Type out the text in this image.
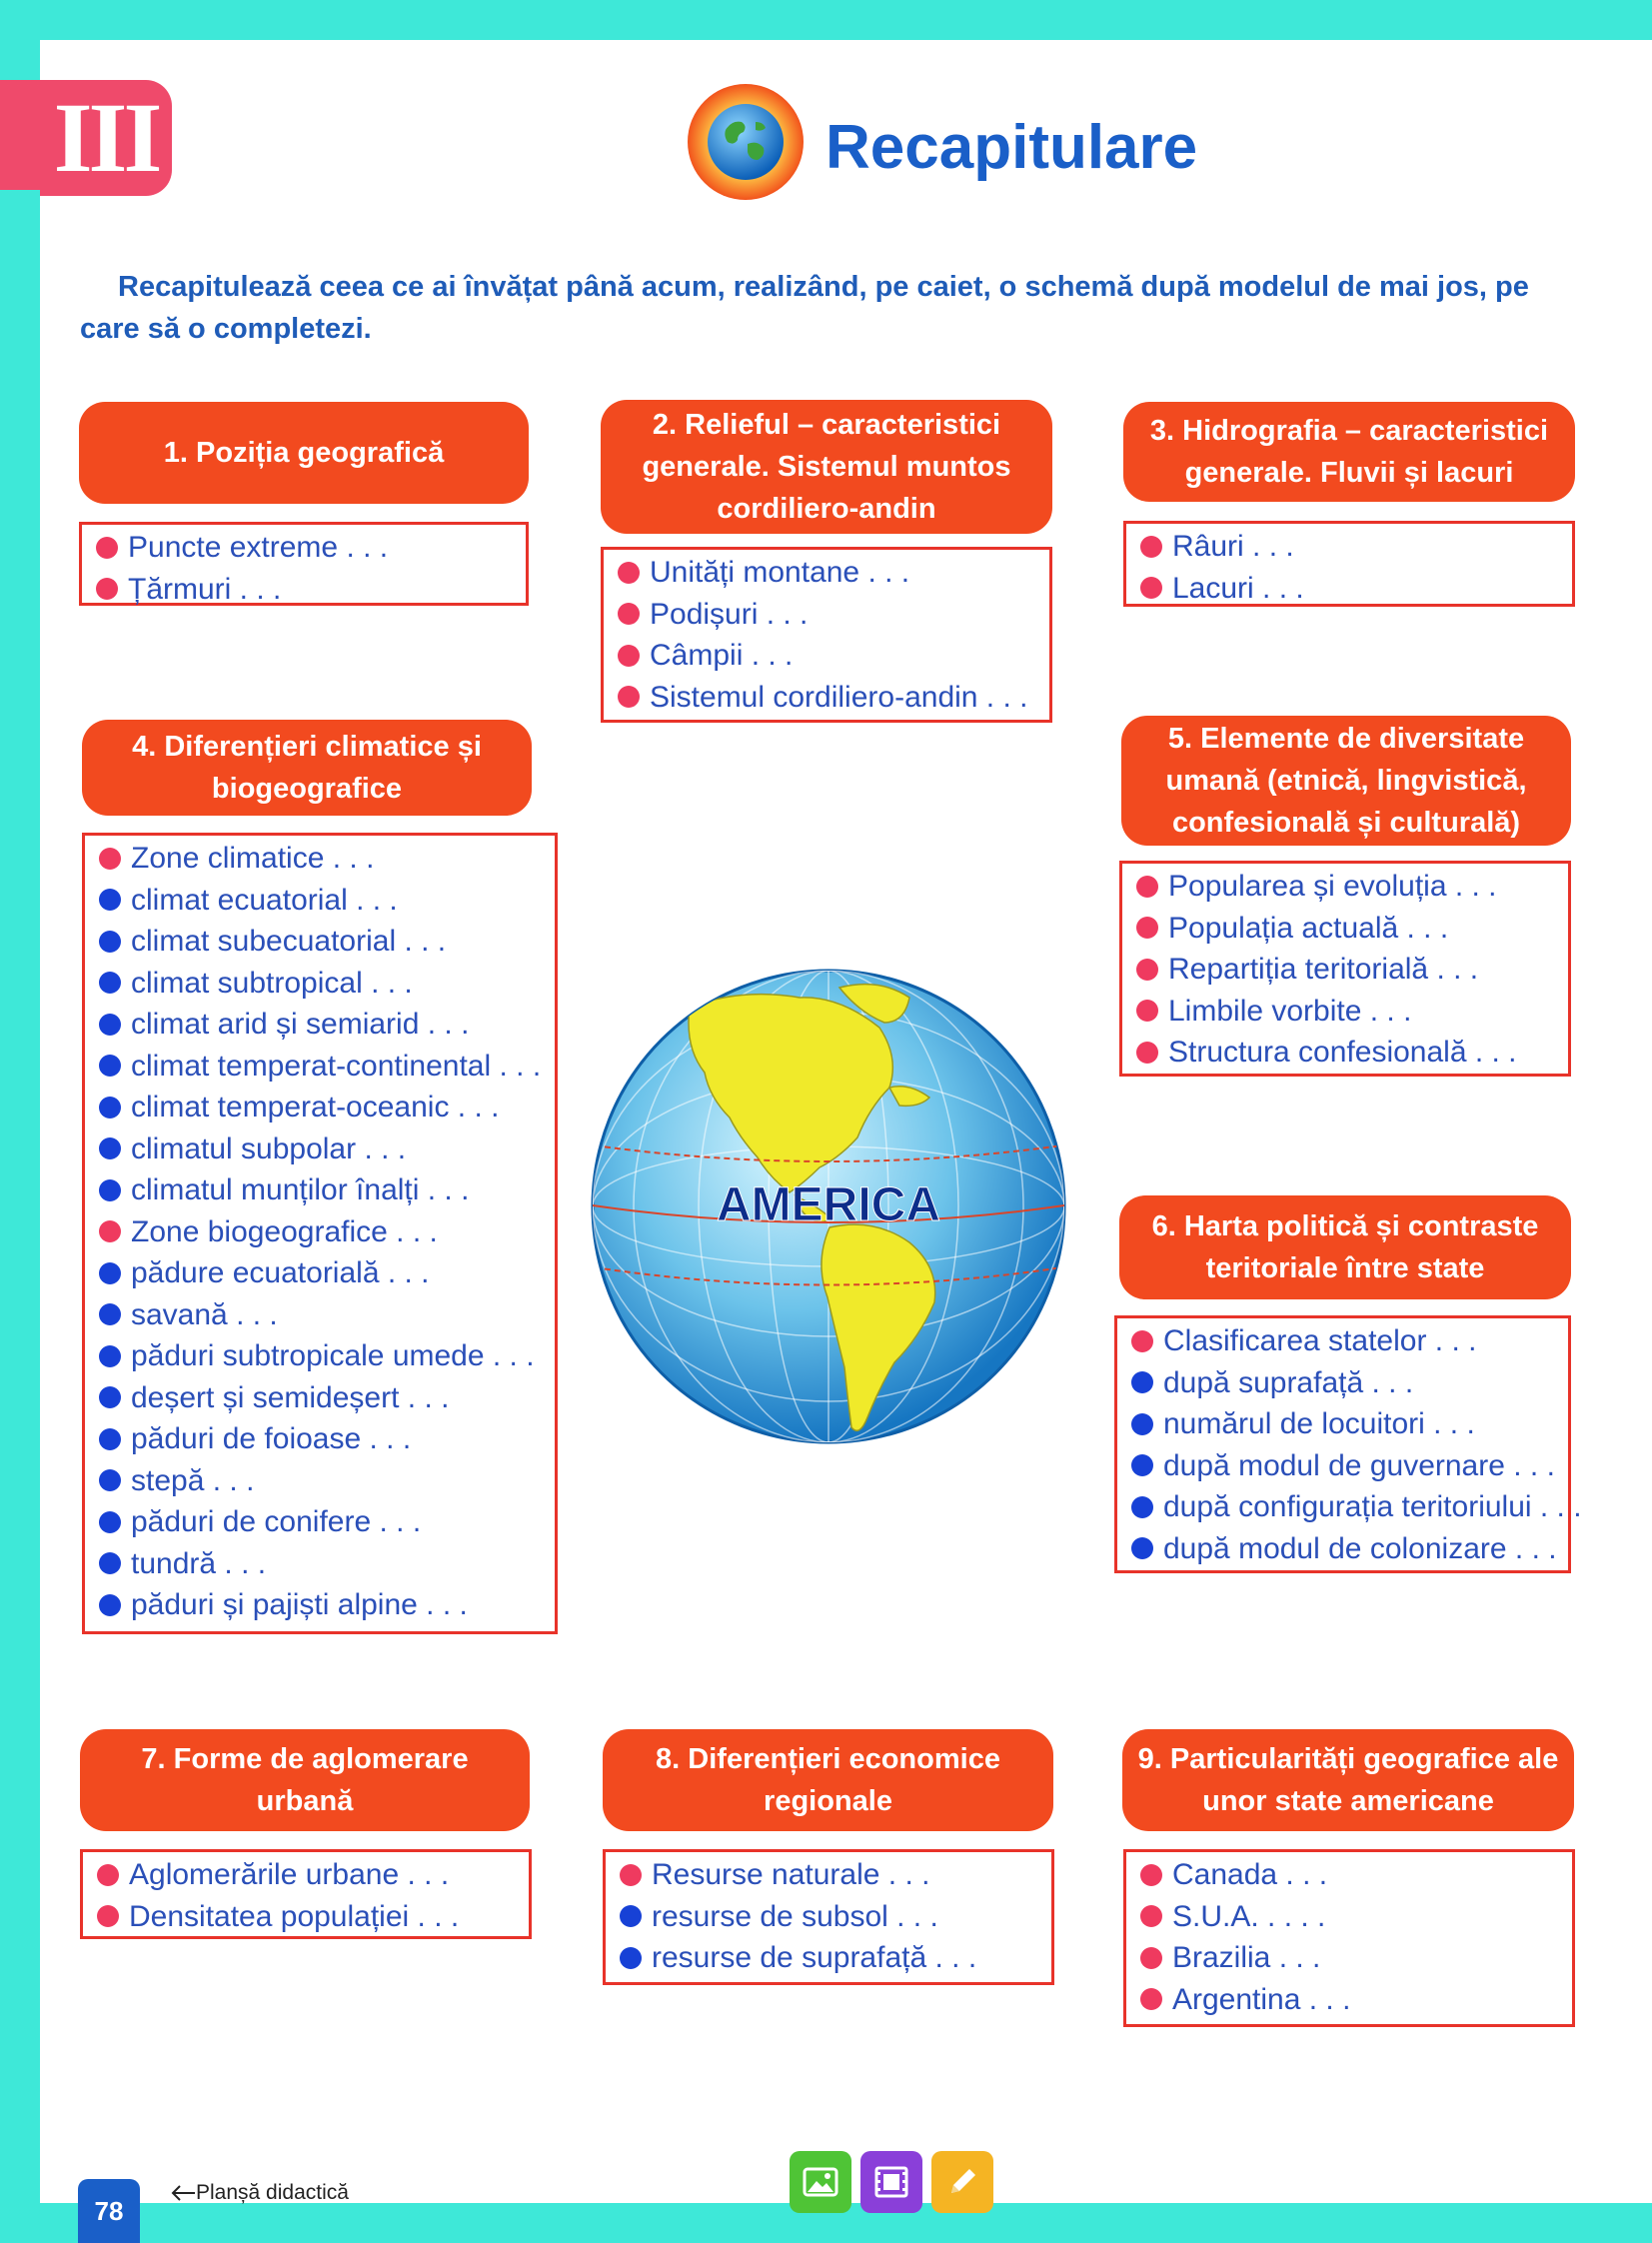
III	Recapitulare

Recapitulează ceea ce ai învățat până acum, realizând, pe caiet, o schemă după modelul de mai jos, pe care să o completezi.

1. Poziția geografică
Puncte extreme . . .
Țărmuri . . .
2. Relieful – caracteristici generale. Sistemul muntos cordiliero-andin
Unități montane . . .
Podișuri . . .
Câmpii . . .
Sistemul cordiliero-andin . . .
3. Hidrografia – caracteristici generale. Fluvii și lacuri
Râuri . . .
Lacuri . . .
4. Diferențieri climatice și biogeografice
Zone climatice . . .
climat ecuatorial . . .
climat subecuatorial . . .
climat subtropical . . .
climat arid și semiarid . . .
climat temperat-continental . . .
climat temperat-oceanic . . .
climatul subpolar . . .
climatul munților înalți . . .
Zone biogeografice . . .
pădure ecuatorială . . .
savană . . .
păduri subtropicale umede . . .
deșert și semideșert . . .
păduri de foioase . . .
stepă . . .
păduri de conifere . . .
tundră . . .
păduri și pajiști alpine . . .
5. Elemente de diversitate umană (etnică, lingvistică, confesională și culturală)
Popularea și evoluția . . .
Populația actuală . . .
Repartiția teritorială . . .
Limbile vorbite . . .
Structura confesională . . .
6. Harta politică și contraste teritoriale între state
Clasificarea statelor . . .
după suprafață . . .
numărul de locuitori . . .
după modul de guvernare . . .
după configurația teritoriului . . .
după modul de colonizare . . .
AMERICA
7. Forme de aglomerare urbană
Aglomerările urbane . . .
Densitatea populației . . .
8. Diferențieri economice regionale
Resurse naturale . . .
resurse de subsol . . .
resurse de suprafață . . .
9. Particularități geografice ale unor state americane
Canada . . .
S.U.A. . . . .
Brazilia . . .
Argentina . . .
78
Planșă didactică
